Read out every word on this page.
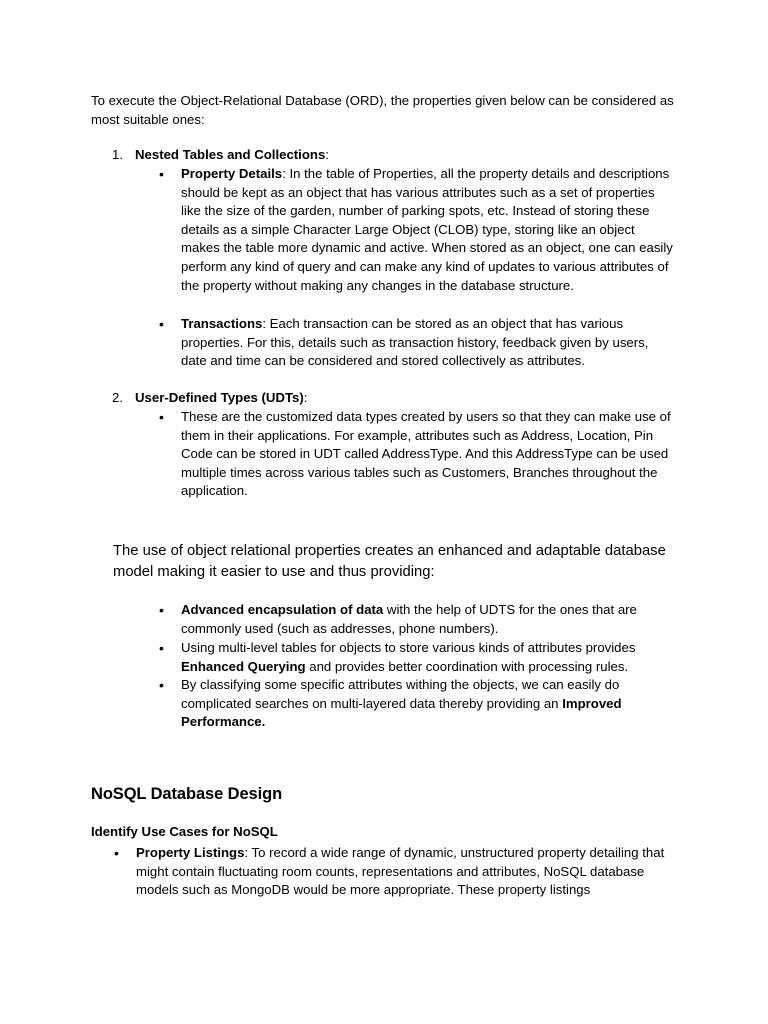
To execute the Object-Relational Database (ORD), the properties given below can be considered as most suitable ones:

1. Nested Tables and Collections:

• Property Details: In the table of Properties, all the property details and descriptions should be kept as an object that has various attributes such as a set of properties like the size of the garden, number of parking spots, etc. Instead of storing these details as a simple Character Large Object (CLOB) type, storing like an object makes the table more dynamic and active. When stored as an object, one can easily perform any kind of query and can make any kind of updates to various attributes of the property without making any changes in the database structure.

• Transactions: Each transaction can be stored as an object that has various properties. For this, details such as transaction history, feedback given by users, date and time can be considered and stored collectively as attributes.

2. User-Defined Types (UDTs):

• These are the customized data types created by users so that they can make use of them in their applications. For example, attributes such as Address, Location, Pin Code can be stored in UDT called AddressType. And this AddressType can be used multiple times across various tables such as Customers, Branches throughout the application.

The use of object relational properties creates an enhanced and adaptable database model making it easier to use and thus providing:

• Advanced encapsulation of data with the help of UDTS for the ones that are commonly used (such as addresses, phone numbers).

• Using multi-level tables for objects to store various kinds of attributes provides Enhanced Querying and provides better coordination with processing rules.

• By classifying some specific attributes withing the objects, we can easily do complicated searches on multi-layered data thereby providing an Improved Performance.

NoSQL Database Design
Identify Use Cases for NoSQL

• Property Listings: To record a wide range of dynamic, unstructured property detailing that might contain fluctuating room counts, representations and attributes, NoSQL database models such as MongoDB would be more appropriate. These property listings
